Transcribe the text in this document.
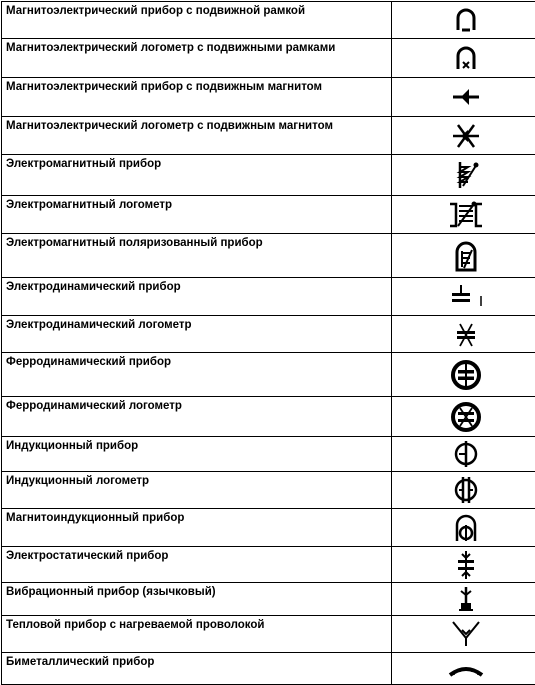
Магнитоэлектрический прибор с подвижной рамкой	

Магнитоэлектрический логометр с подвижными рамками	

Магнитоэлектрический прибор с подвижным магнитом	

Магнитоэлектрический логометр с подвижным магнитом	

Электромагнитный прибор	

Электромагнитный логометр	

Электромагнитный поляризованный прибор	

Электродинамический прибор	

Электродинамический логометр	

Ферродинамический прибор	

Ферродинамический логометр	

Индукционный прибор	

Индукционный логометр	

Магнитоиндукционный прибор	

Электростатический прибор	

Вибрационный прибор (язычковый)	

Тепловой прибор с нагреваемой проволокой	

Биметаллический прибор	
